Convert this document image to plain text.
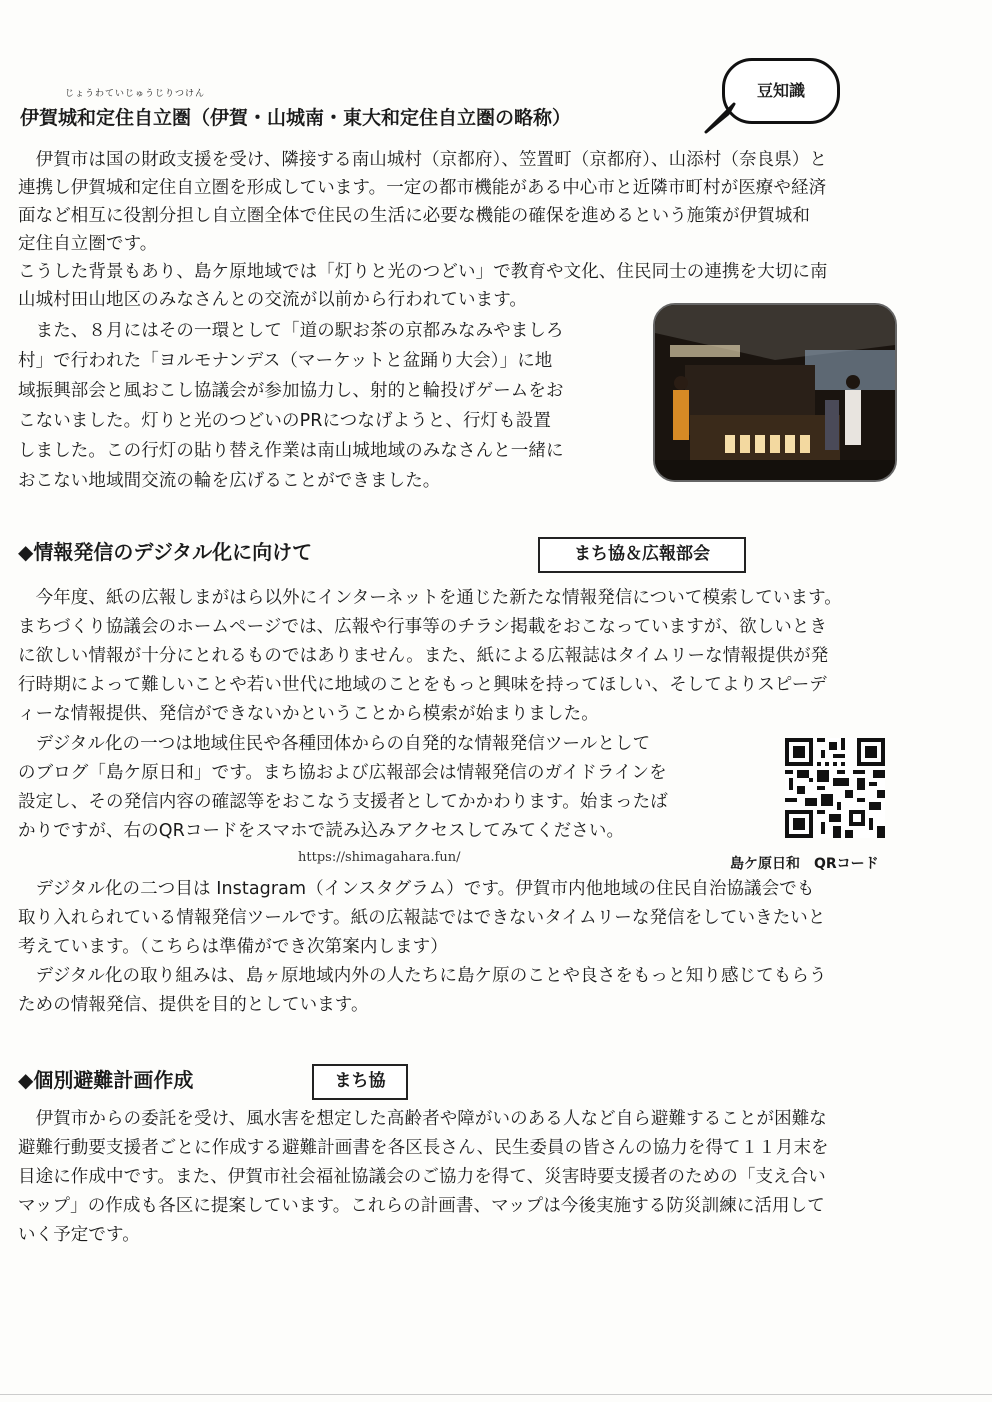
じょうわていじゅうじりつけん
伊賀城和定住自立圏（伊賀・山城南・東大和定住自立圏の略称）
豆知識

　伊賀市は国の財政支援を受け、隣接する南山城村（京都府）、笠置町（京都府）、山添村（奈良県）と

連携し伊賀城和定住自立圏を形成しています。一定の都市機能がある中心市と近隣市町村が医療や経済

面など相互に役割分担し自立圏全体で住民の生活に必要な機能の確保を進めるという施策が伊賀城和

定住自立圏です。

こうした背景もあり、島ケ原地域では「灯りと光のつどい」で教育や文化、住民同士の連携を大切に南

山城村田山地区のみなさんとの交流が以前から行われています。

　また、８月にはその一環として「道の駅お茶の京都みなみやましろ

村」で行われた「ヨルモナンデス（マーケットと盆踊り大会）」に地

域振興部会と風おこし協議会が参加協力し、射的と輪投げゲームをお

こないました。灯りと光のつどいのPRにつなげようと、行灯も設置

しました。この行灯の貼り替え作業は南山城地域のみなさんと一緒に

おこない地域間交流の輪を広げることができました。

◆情報発信のデジタル化に向けて	まち協＆広報部会

　今年度、紙の広報しまがはら以外にインターネットを通じた新たな情報発信について模索しています。

まちづくり協議会のホームページでは、広報や行事等のチラシ掲載をおこなっていますが、欲しいとき

に欲しい情報が十分にとれるものではありません。また、紙による広報誌はタイムリーな情報提供が発

行時期によって難しいことや若い世代に地域のことをもっと興味を持ってほしい、そしてよりスピーデ

ィーな情報提供、発信ができないかということから模索が始まりました。

　デジタル化の一つは地域住民や各種団体からの自発的な情報発信ツールとして

のブログ「島ケ原日和」です。まち協および広報部会は情報発信のガイドラインを

設定し、その発信内容の確認等をおこなう支援者としてかかわります。始まったば

かりですが、右のQRコードをスマホで読み込みアクセスしてみてください。

https://shimagahara.fun/	島ケ原日和　QRコード

　デジタル化の二つ目は Instagram（インスタグラム）です。伊賀市内他地域の住民自治協議会でも

取り入れられている情報発信ツールです。紙の広報誌ではできないタイムリーな発信をしていきたいと

考えています。（こちらは準備ができ次第案内します）

　デジタル化の取り組みは、島ヶ原地域内外の人たちに島ケ原のことや良さをもっと知り感じてもらう

ための情報発信、提供を目的としています。

◆個別避難計画作成	まち協

　伊賀市からの委託を受け、風水害を想定した高齢者や障がいのある人など自ら避難することが困難な

避難行動要支援者ごとに作成する避難計画書を各区長さん、民生委員の皆さんの協力を得て１１月末を

目途に作成中です。また、伊賀市社会福祉協議会のご協力を得て、災害時要支援者のための「支え合い

マップ」の作成も各区に提案しています。これらの計画書、マップは今後実施する防災訓練に活用して

いく予定です。
